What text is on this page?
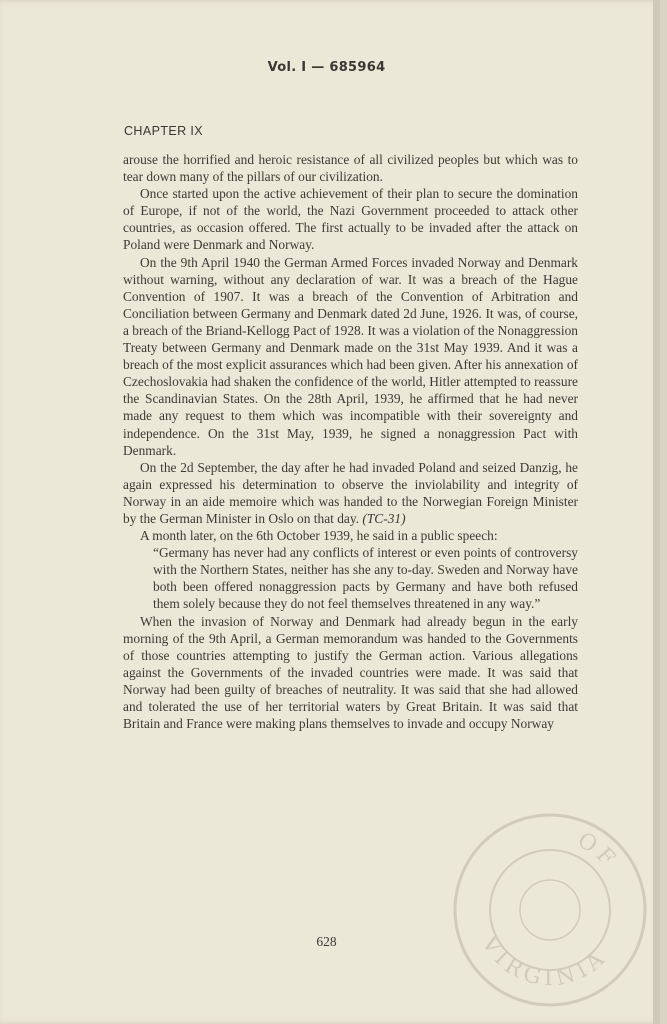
Vol. I — 685964
CHAPTER IX

arouse the horrified and heroic resistance of all civilized peoples but which was to tear down many of the pillars of our civilization.

Once started upon the active achievement of their plan to secure the domination of Europe, if not of the world, the Nazi Government proceeded to attack other countries, as occasion offered. The first actually to be invaded after the attack on Poland were Denmark and Norway.

On the 9th April 1940 the German Armed Forces invaded Norway and Denmark without warning, without any declaration of war. It was a breach of the Hague Convention of 1907. It was a breach of the Convention of Arbitration and Conciliation between Germany and Denmark dated 2d June, 1926. It was, of course, a breach of the Briand-Kellogg Pact of 1928. It was a violation of the Nonaggression Treaty between Germany and Denmark made on the 31st May 1939. And it was a breach of the most explicit assurances which had been given. After his annexation of Czechoslovakia had shaken the confidence of the world, Hitler attempted to reassure the Scandinavian States. On the 28th April, 1939, he affirmed that he had never made any request to them which was incompatible with their sovereignty and independence. On the 31st May, 1939, he signed a nonaggression Pact with Denmark.

On the 2d September, the day after he had invaded Poland and seized Danzig, he again expressed his determination to observe the inviolability and integrity of Norway in an aide memoire which was handed to the Norwegian Foreign Minister by the German Minister in Oslo on that day. (TC-31)

A month later, on the 6th October 1939, he said in a public speech:

“Germany has never had any conflicts of interest or even points of controversy with the Northern States, neither has she any to-day. Sweden and Norway have both been offered nonaggression pacts by Germany and have both refused them solely because they do not feel themselves threatened in any way.”

When the invasion of Norway and Denmark had already begun in the early morning of the 9th April, a German memorandum was handed to the Governments of those countries attempting to justify the German action. Various allegations against the Governments of the invaded countries were made. It was said that Norway had been guilty of breaches of neutrality. It was said that she had allowed and tolerated the use of her territorial waters by Great Britain. It was said that Britain and France were making plans themselves to invade and occupy Norway

628
OF
VIRGINIA
